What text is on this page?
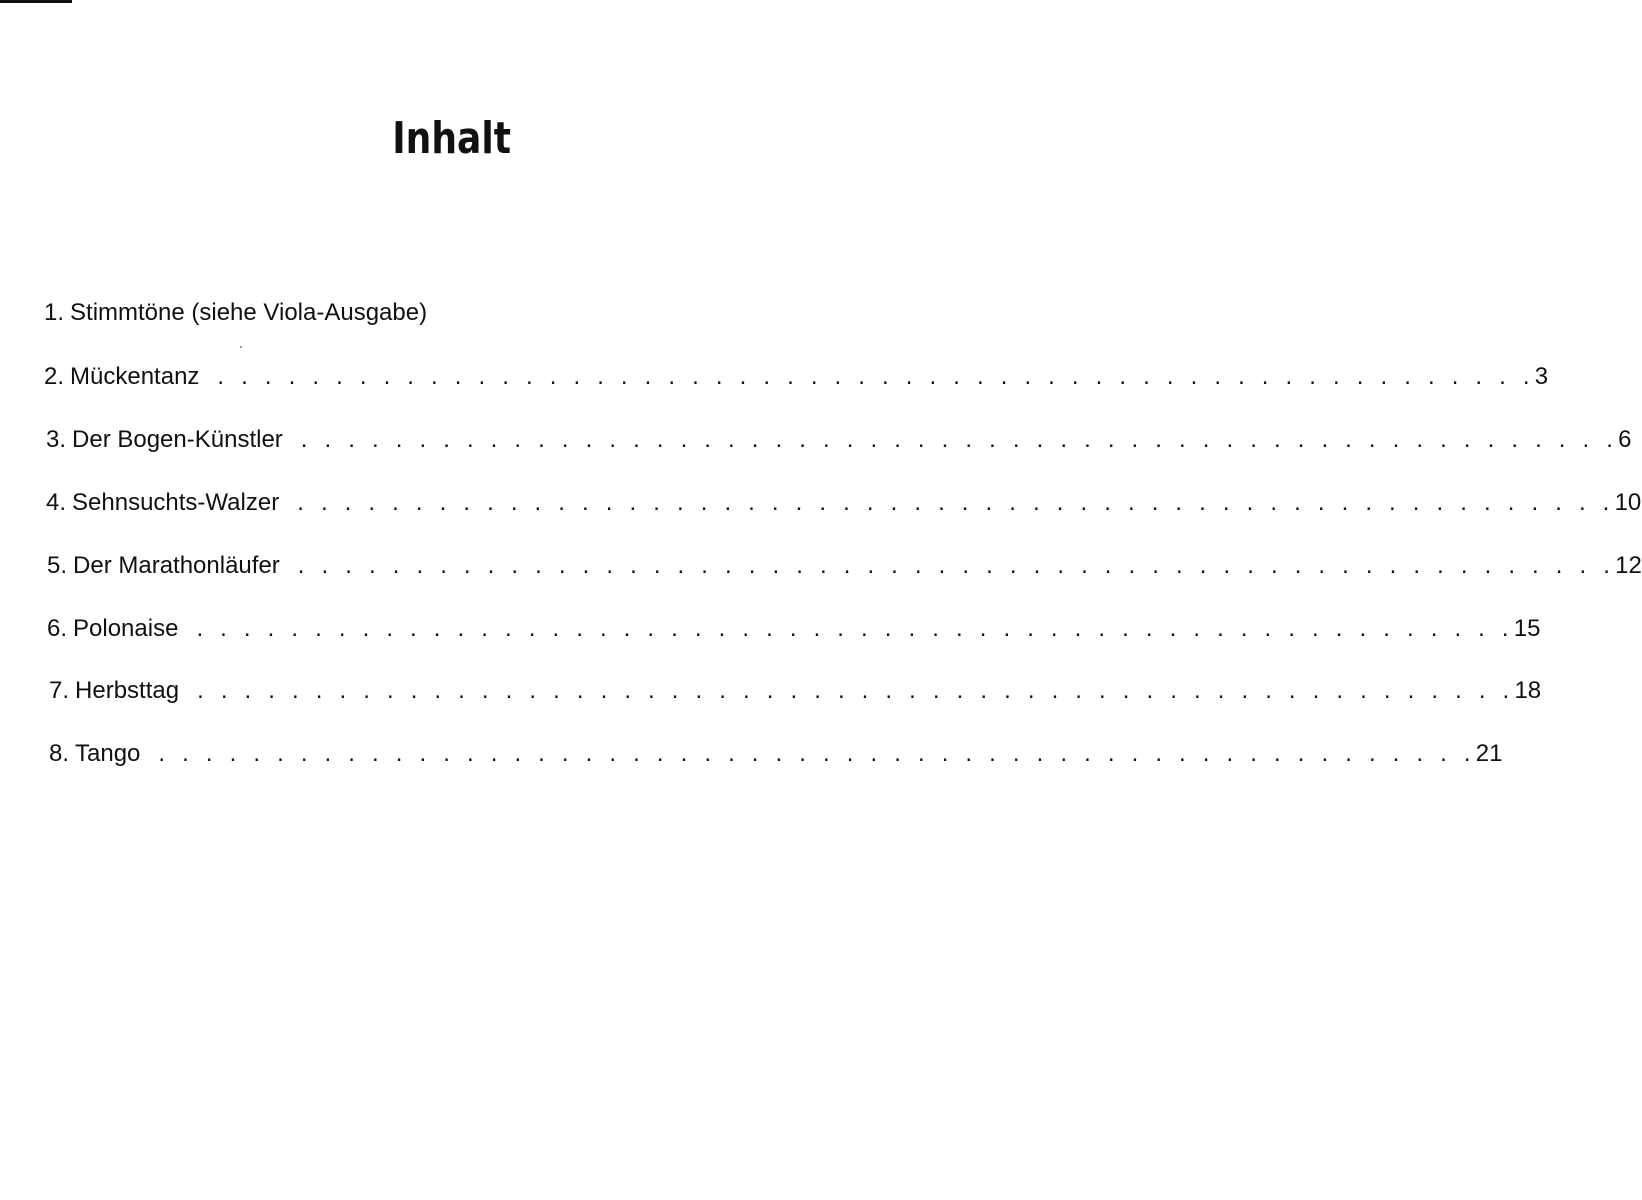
Inhalt
1. Stimmtöne (siehe Viola-Ausgabe)
2. Mückentanz . . . . . . . . . . . . . . . . . . . . . . . . . . . . . . . . . . . . . . . . . . . . . . . . . . . . . . . . 3
3. Der Bogen-Künstler . . . . . . . . . . . . . . . . . . . . . . . . . . . . . . . . . . . . . . . . . . . . . . . . . . . . . . . . 6
4. Sehnsuchts-Walzer . . . . . . . . . . . . . . . . . . . . . . . . . . . . . . . . . . . . . . . . . . . . . . . . . . . . . . . . 10
5. Der Marathonläufer . . . . . . . . . . . . . . . . . . . . . . . . . . . . . . . . . . . . . . . . . . . . . . . . . . . . . . . . 12
6. Polonaise . . . . . . . . . . . . . . . . . . . . . . . . . . . . . . . . . . . . . . . . . . . . . . . . . . . . . . . . 15
7. Herbsttag . . . . . . . . . . . . . . . . . . . . . . . . . . . . . . . . . . . . . . . . . . . . . . . . . . . . . . . . 18
8. Tango . . . . . . . . . . . . . . . . . . . . . . . . . . . . . . . . . . . . . . . . . . . . . . . . . . . . . . . . 21
